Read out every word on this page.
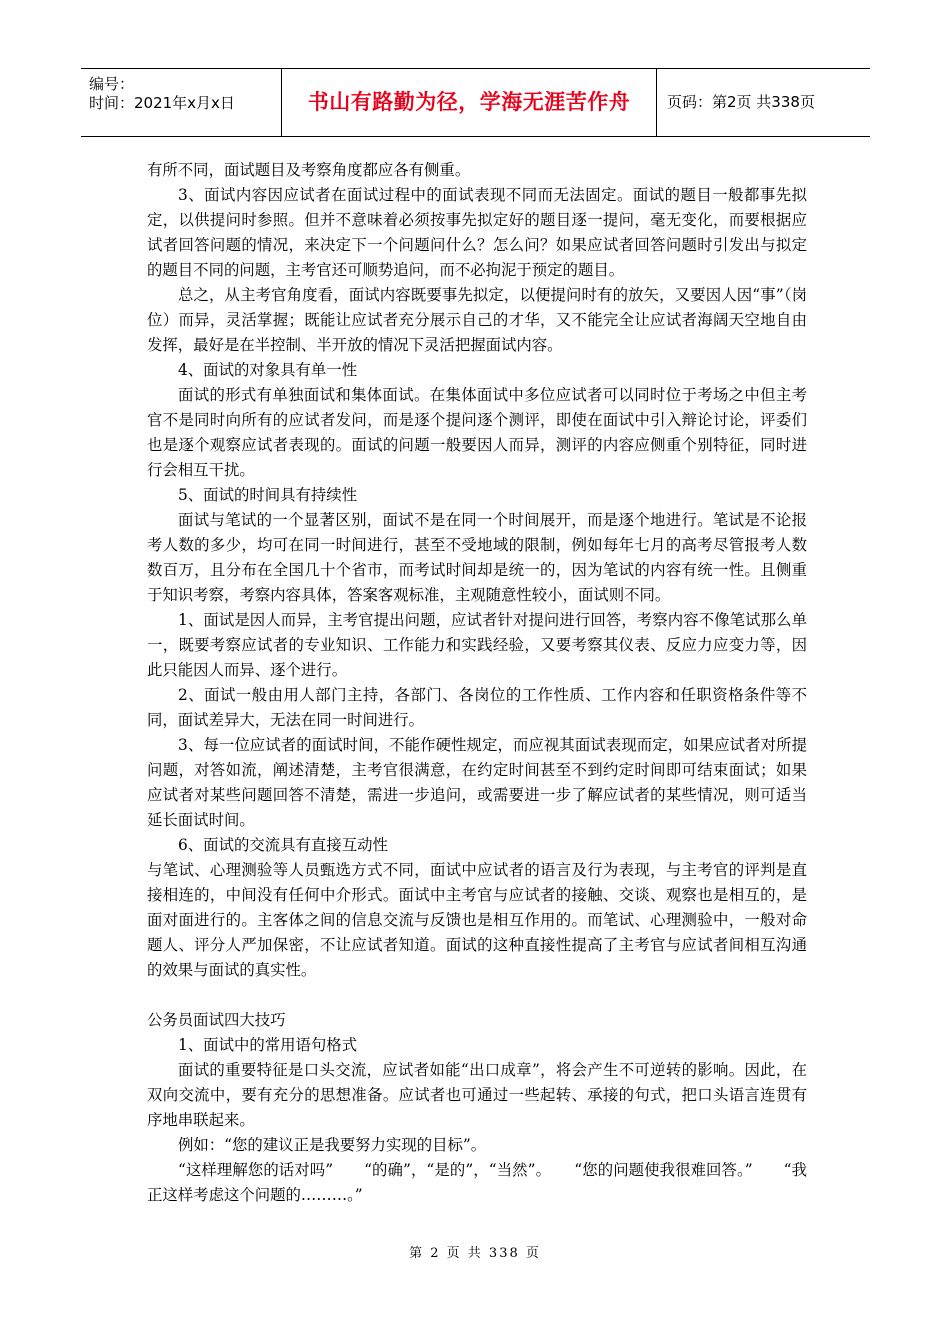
编号：
时间：2021年x月x日	书山有路勤为径，学海无涯苦作舟	页码：第2页 共338页

有所不同，面试题目及考察角度都应各有侧重。

3、面试内容因应试者在面试过程中的面试表现不同而无法固定。面试的题目一般都事先拟定，以供提问时参照。但并不意味着必须按事先拟定好的题目逐一提问，毫无变化，而要根据应试者回答问题的情况，来决定下一个问题问什么？怎么问？如果应试者回答问题时引发出与拟定的题目不同的问题，主考官还可顺势追问，而不必拘泥于预定的题目。

总之，从主考官角度看，面试内容既要事先拟定，以便提问时有的放矢，又要因人因“事”（岗位）而异，灵活掌握；既能让应试者充分展示自己的才华，又不能完全让应试者海阔天空地自由发挥，最好是在半控制、半开放的情况下灵活把握面试内容。

4、面试的对象具有单一性

面试的形式有单独面试和集体面试。在集体面试中多位应试者可以同时位于考场之中但主考官不是同时向所有的应试者发问，而是逐个提问逐个测评，即使在面试中引入辩论讨论，评委们也是逐个观察应试者表现的。面试的问题一般要因人而异，测评的内容应侧重个别特征，同时进行会相互干扰。

5、面试的时间具有持续性

面试与笔试的一个显著区别，面试不是在同一个时间展开，而是逐个地进行。笔试是不论报考人数的多少，均可在同一时间进行，甚至不受地域的限制，例如每年七月的高考尽管报考人数数百万，且分布在全国几十个省市，而考试时间却是统一的，因为笔试的内容有统一性。且侧重于知识考察，考察内容具体，答案客观标准，主观随意性较小，面试则不同。

1、面试是因人而异，主考官提出问题，应试者针对提问进行回答，考察内容不像笔试那么单一，既要考察应试者的专业知识、工作能力和实践经验，又要考察其仪表、反应力应变力等，因此只能因人而异、逐个进行。

2、面试一般由用人部门主持，各部门、各岗位的工作性质、工作内容和任职资格条件等不同，面试差异大，无法在同一时间进行。

3、每一位应试者的面试时间，不能作硬性规定，而应视其面试表现而定，如果应试者对所提问题，对答如流，阐述清楚，主考官很满意，在约定时间甚至不到约定时间即可结束面试；如果应试者对某些问题回答不清楚，需进一步追问，或需要进一步了解应试者的某些情况，则可适当延长面试时间。

6、面试的交流具有直接互动性

与笔试、心理测验等人员甄选方式不同，面试中应试者的语言及行为表现，与主考官的评判是直接相连的，中间没有任何中介形式。面试中主考官与应试者的接触、交谈、观察也是相互的，是面对面进行的。主客体之间的信息交流与反馈也是相互作用的。而笔试、心理测验中，一般对命题人、评分人严加保密，不让应试者知道。面试的这种直接性提高了主考官与应试者间相互沟通的效果与面试的真实性。

公务员面试四大技巧

1、面试中的常用语句格式

面试的重要特征是口头交流，应试者如能“出口成章”，将会产生不可逆转的影响。因此，在双向交流中，要有充分的思想准备。应试者也可通过一些起转、承接的句式，把口头语言连贯有序地串联起来。

例如：“您的建议正是我要努力实现的目标”。

“这样理解您的话对吗”　　“的确”，“是的”，“当然”。　　“您的问题使我很难回答。”　　“我正这样考虑这个问题的………。”

第 2 页 共 338 页
